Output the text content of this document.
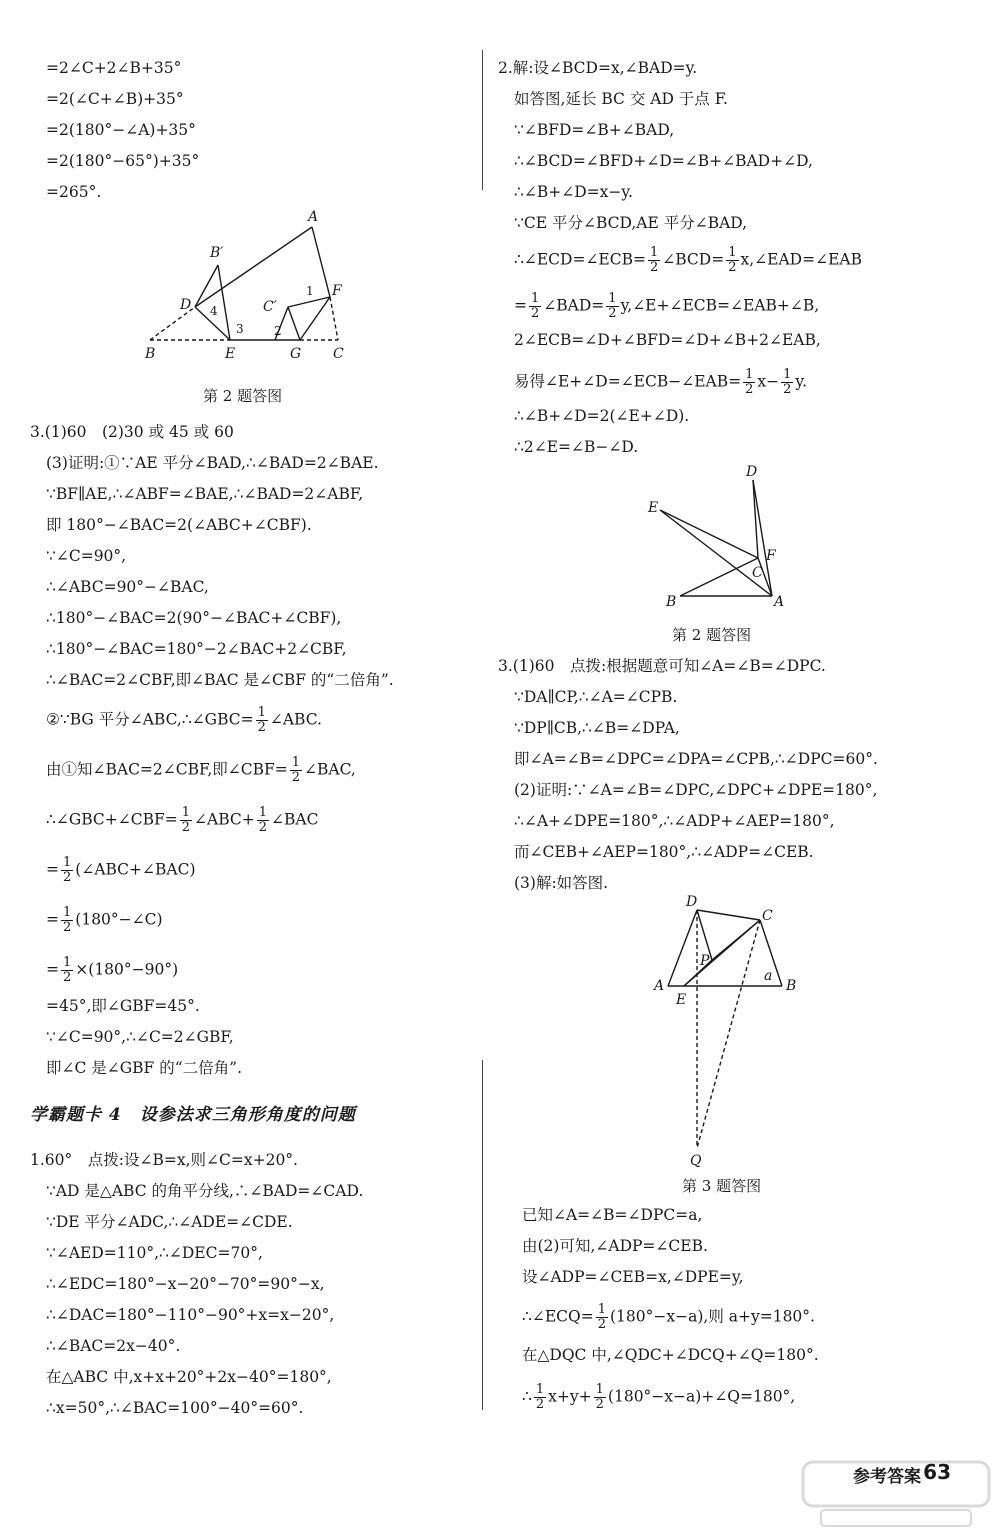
=2∠C+2∠B+35°
=2(∠C+∠B)+35°
=2(180°−∠A)+35°
=2(180°−65°)+35°
=265°.
A
B′
D 4
3
C′
1 F
2
B	E	G C
第 2 题答图
3.(1)60　(2)30 或 45 或 60
(3)证明:①∵AE 平分∠BAD,∴∠BAD=2∠BAE.
∵BF∥AE,∴∠ABF=∠BAE,∴∠BAD=2∠ABF,
即 180°−∠BAC=2(∠ABC+∠CBF).
∵∠C=90°,
∴∠ABC=90°−∠BAC,
∴180°−∠BAC=2(90°−∠BAC+∠CBF),
∴180°−∠BAC=180°−2∠BAC+2∠CBF,
∴∠BAC=2∠CBF,即∠BAC 是∠CBF 的“二倍角”.
②∵BG 平分∠ABC,∴∠GBC= $\frac{1}{2}$ ∠ABC.
由①知∠BAC=2∠CBF,即∠CBF= $\frac{1}{2}$ ∠BAC,
∴∠GBC+∠CBF= $\frac{1}{2}$ ∠ABC+ $\frac{1}{2}$ ∠BAC
= $\frac{1}{2}$ (∠ABC+∠BAC)
= $\frac{1}{2}$ (180°−∠C)
= $\frac{1}{2} \times(180^\circ-90^\circ)$
=45°,即∠GBF=45°.
∵∠C=90°,∴∠C=2∠GBF,
即∠C 是∠GBF 的“二倍角”.
学霸题卡 4　设参法求三角形角度的问题
1.60°　点拨:设∠B=x,则∠C=x+20°.
∵AD 是△ABC 的角平分线,∴∠BAD=∠CAD.
∵DE 平分∠ADC,∴∠ADE=∠CDE.
∵∠AED=110°,∴∠DEC=70°,
∴∠EDC=180°−x−20°−70°=90°−x,
∴∠DAC=180°−110°−90°+x=x−20°,
∴∠BAC=2x−40°.
在△ABC 中,x+x+20°+2x−40°=180°,
∴x=50°,∴∠BAC=100°−40°=60°.
2.解:设∠BCD=x,∠BAD=y.
如答图,延长 BC 交 AD 于点 F.
∵∠BFD=∠B+∠BAD,
∴∠BCD=∠BFD+∠D=∠B+∠BAD+∠D,
∴∠B+∠D=x−y.
∵CE 平分∠BCD,AE 平分∠BAD,
∴∠ECD=∠ECB= $\frac{1}{2}$ ∠BCD= $\frac{1}{2}$ x,∠EAD=∠EAB
= $\frac{1}{2}$ ∠BAD= $\frac{1}{2}$ y,∠E+∠ECB=∠EAB+∠B,
2∠ECB=∠D+∠BFD=∠D+∠B+2∠EAB,
易得∠E+∠D=∠ECB−∠EAB= $\frac{1}{2} x- \frac{1}{2} y$.
∴∠B+∠D=2(∠E+∠D).
∴2∠E=∠B−∠D.
D
E
F
C
B	A
第 2 题答图
3.(1)60　点拨:根据题意可知∠A=∠B=∠DPC.
∵DA∥CP,∴∠A=∠CPB.
∵DP∥CB,∴∠B=∠DPA,
即∠A=∠B=∠DPC=∠DPA=∠CPB,∴∠DPC=60°.
(2)证明:∵∠A=∠B=∠DPC,∠DPC+∠DPE=180°,
∴∠A+∠DPE=180°,∴∠ADP+∠AEP=180°,
而∠CEB+∠AEP=180°,∴∠ADP=∠CEB.
(3)解:如答图.
D
C
P
a
A
E
B
Q
第 3 题答图
已知∠A=∠B=∠DPC=a,
由(2)可知,∠ADP=∠CEB.
设∠ADP=∠CEB=x,∠DPE=y,
∴∠ECQ= $\frac{1}{2} (180^\circ-x-a)$,则 a+y=180°.
在△DQC 中,∠QDC+∠DCQ+∠Q=180°.
∴ $\frac{1}{2} x+y+ \frac{1}{2}$ (180°−x−a)+∠Q=180°,
参考答案 63
